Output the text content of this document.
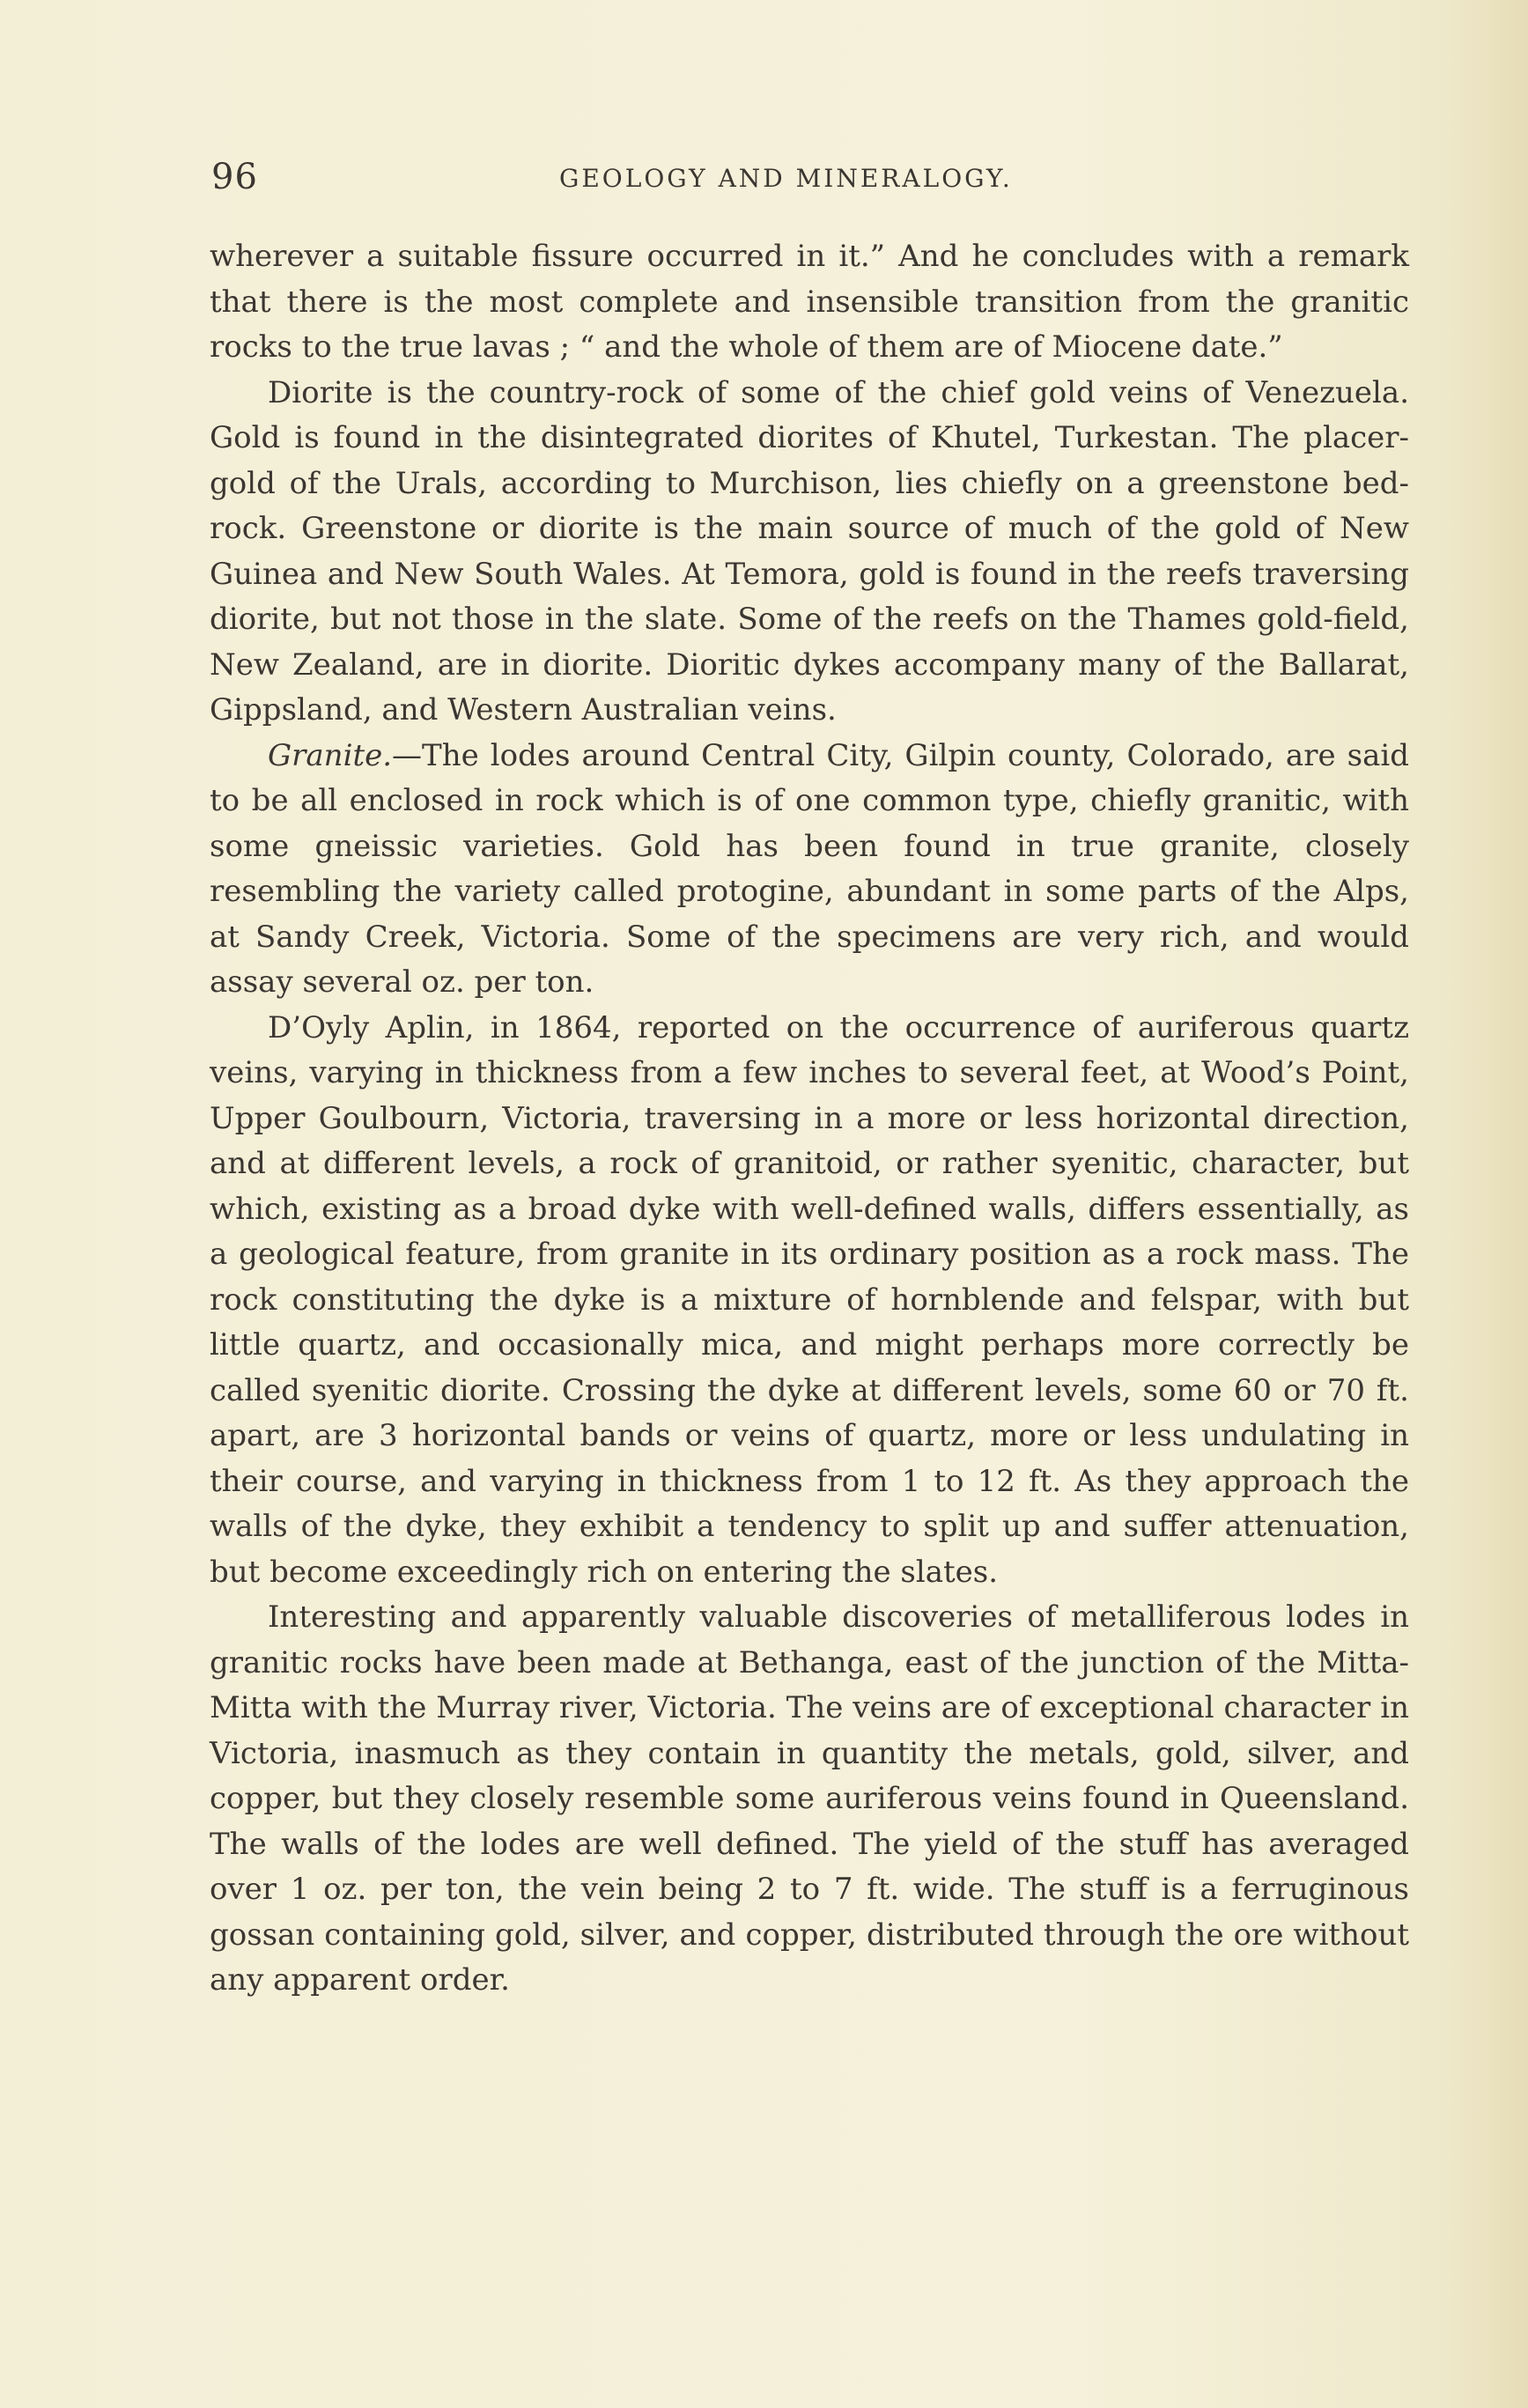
96	GEOLOGY AND MINERALOGY.

wherever a suitable fissure occurred in it.” And he concludes with a remark that there is the most complete and insensible transition from the granitic rocks to the true lavas ; “ and the whole of them are of Miocene date.”

Diorite is the country-rock of some of the chief gold veins of Venezuela. Gold is found in the disintegrated diorites of Khutel, Turkestan. The placer-gold of the Urals, according to Murchison, lies chiefly on a greenstone bed-rock. Greenstone or diorite is the main source of much of the gold of New Guinea and New South Wales. At Temora, gold is found in the reefs traversing diorite, but not those in the slate. Some of the reefs on the Thames gold-field, New Zealand, are in diorite. Dioritic dykes accompany many of the Ballarat, Gippsland, and Western Australian veins.

Granite.—The lodes around Central City, Gilpin county, Colorado, are said to be all enclosed in rock which is of one common type, chiefly granitic, with some gneissic varieties. Gold has been found in true granite, closely resembling the variety called protogine, abundant in some parts of the Alps, at Sandy Creek, Victoria. Some of the specimens are very rich, and would assay several oz. per ton.

D’Oyly Aplin, in 1864, reported on the occurrence of auriferous quartz veins, varying in thickness from a few inches to several feet, at Wood’s Point, Upper Goulbourn, Victoria, traversing in a more or less horizontal direction, and at different levels, a rock of granitoid, or rather syenitic, character, but which, existing as a broad dyke with well-defined walls, differs essentially, as a geological feature, from granite in its ordinary position as a rock mass. The rock constituting the dyke is a mixture of hornblende and felspar, with but little quartz, and occasionally mica, and might perhaps more correctly be called syenitic diorite. Crossing the dyke at different levels, some 60 or 70 ft. apart, are 3 horizontal bands or veins of quartz, more or less undulating in their course, and varying in thickness from 1 to 12 ft. As they approach the walls of the dyke, they exhibit a tendency to split up and suffer attenuation, but become exceedingly rich on entering the slates.

Interesting and apparently valuable discoveries of metalliferous lodes in granitic rocks have been made at Bethanga, east of the junction of the Mitta-Mitta with the Murray river, Victoria. The veins are of exceptional character in Victoria, inasmuch as they contain in quantity the metals, gold, silver, and copper, but they closely resemble some auriferous veins found in Queensland. The walls of the lodes are well defined. The yield of the stuff has averaged over 1 oz. per ton, the vein being 2 to 7 ft. wide. The stuff is a ferruginous gossan containing gold, silver, and copper, distributed through the ore without any apparent order.
